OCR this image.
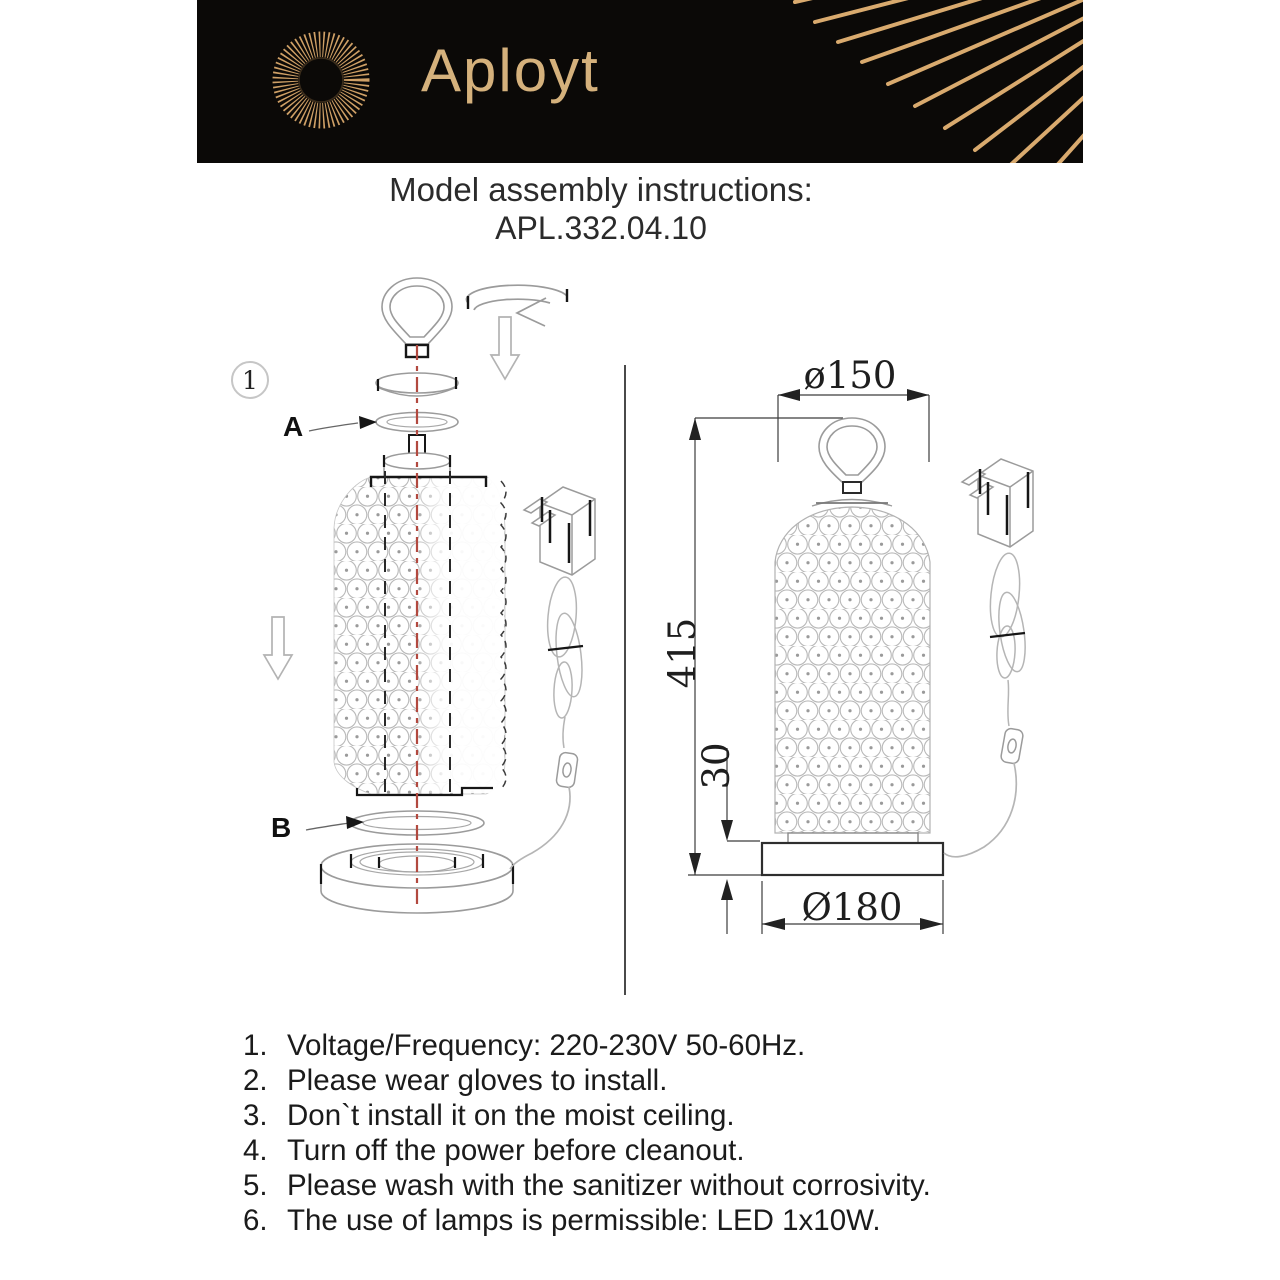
Aployt
Model assembly instructions:
APL.332.04.10
1
A
B
ø150
415
30
Ø180
1. Voltage/Frequency: 220-230V 50-60Hz.
2. Please wear gloves to install.
3. Don`t install it on the moist ceiling.
4. Turn off the power before cleanout.
5. Please wash with the sanitizer without corrosivity.
6. The use of lamps is permissible: LED 1x10W.
